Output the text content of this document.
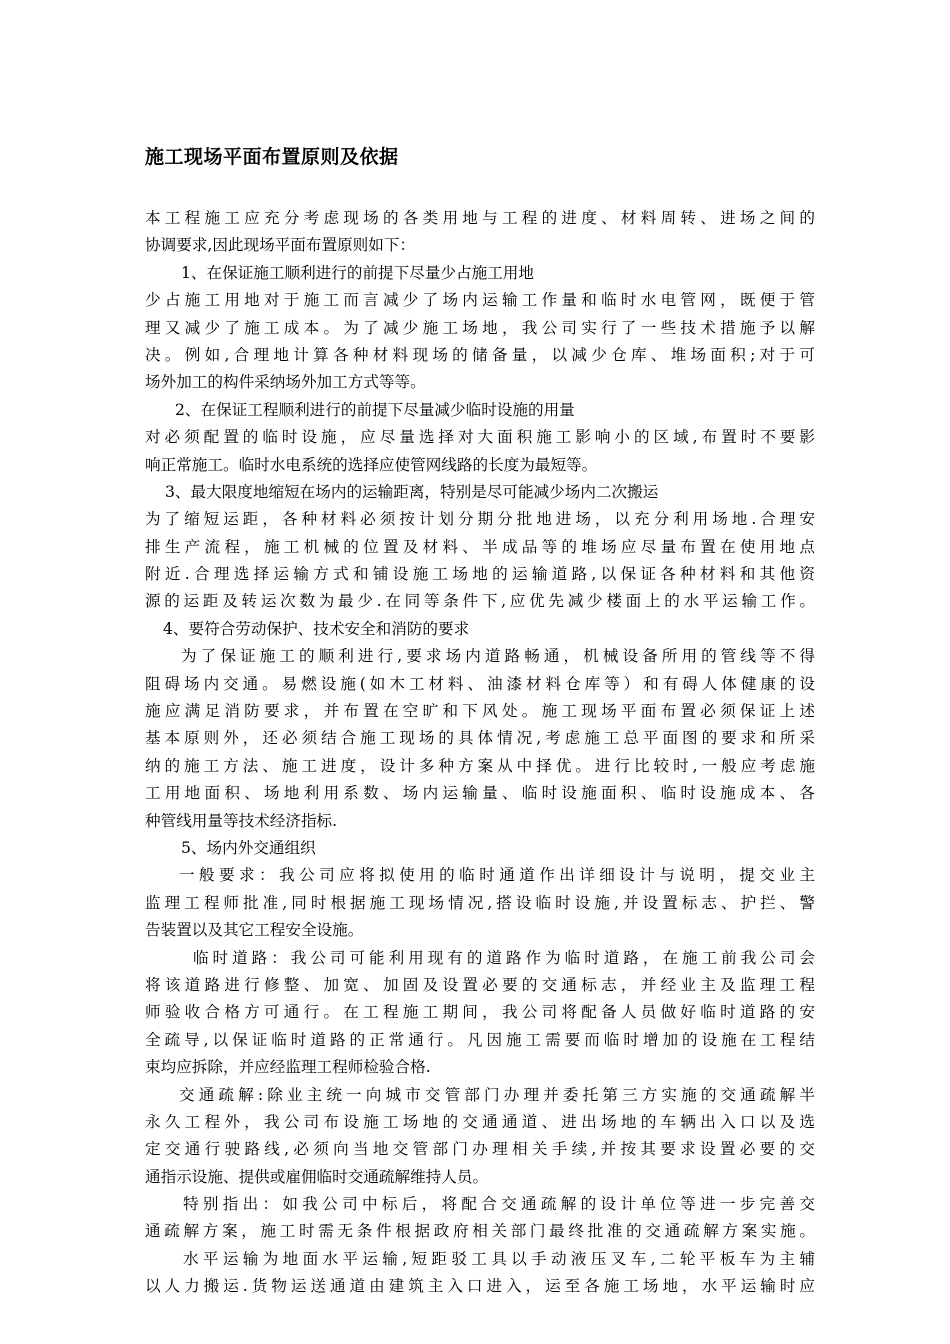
施工现场平面布置原则及依据
本工程施工应充分考虑现场的各类用地与工程的进度、材料周转、进场之间的
协调要求,因此现场平面布置原则如下：
1、在保证施工顺利进行的前提下尽量少占施工用地
少占施工用地对于施工而言减少了场内运输工作量和临时水电管网，既便于管
理又减少了施工成本。为了减少施工场地，我公司实行了一些技术措施予以解
决。例如,合理地计算各种材料现场的储备量，以减少仓库、堆场面积;对于可
场外加工的构件采纳场外加工方式等等。
2、在保证工程顺利进行的前提下尽量减少临时设施的用量
对必须配置的临时设施，应尽量选择对大面积施工影响小的区域,布置时不要影
响正常施工。临时水电系统的选择应使管网线路的长度为最短等。
3、最大限度地缩短在场内的运输距离，特别是尽可能减少场内二次搬运
为了缩短运距，各种材料必须按计划分期分批地进场，以充分利用场地.合理安
排生产流程，施工机械的位置及材料、半成品等的堆场应尽量布置在使用地点
附近.合理选择运输方式和铺设施工场地的运输道路,以保证各种材料和其他资
源的运距及转运次数为最少.在同等条件下,应优先减少楼面上的水平运输工作。
4、要符合劳动保护、技术安全和消防的要求
为了保证施工的顺利进行,要求场内道路畅通，机械设备所用的管线等不得
阻碍场内交通。易燃设施(如木工材料、油漆材料仓库等）和有碍人体健康的设
施应满足消防要求，并布置在空旷和下风处。施工现场平面布置必须保证上述
基本原则外，还必须结合施工现场的具体情况,考虑施工总平面图的要求和所采
纳的施工方法、施工进度，设计多种方案从中择优。进行比较时,一般应考虑施
工用地面积、场地利用系数、场内运输量、临时设施面积、临时设施成本、各
种管线用量等技术经济指标.
5、场内外交通组织
一般要求：我公司应将拟使用的临时通道作出详细设计与说明，提交业主
监理工程师批准,同时根据施工现场情况,搭设临时设施,并设置标志、护拦、警
告装置以及其它工程安全设施。
临时道路：我公司可能利用现有的道路作为临时道路，在施工前我公司会
将该道路进行修整、加宽、加固及设置必要的交通标志，并经业主及监理工程
师验收合格方可通行。在工程施工期间，我公司将配备人员做好临时道路的安
全疏导,以保证临时道路的正常通行。凡因施工需要而临时增加的设施在工程结
束均应拆除，并应经监理工程师检验合格.
交通疏解:除业主统一向城市交管部门办理并委托第三方实施的交通疏解半
永久工程外，我公司布设施工场地的交通通道、进出场地的车辆出入口以及选
定交通行驶路线,必须向当地交管部门办理相关手续,并按其要求设置必要的交
通指示设施、提供或雇佣临时交通疏解维持人员。
特别指出：如我公司中标后，将配合交通疏解的设计单位等进一步完善交
通疏解方案，施工时需无条件根据政府相关部门最终批准的交通疏解方案实施。
水平运输为地面水平运输,短距驳工具以手动液压叉车,二轮平板车为主辅
以人力搬运.货物运送通道由建筑主入口进入，运至各施工场地，水平运输时应
